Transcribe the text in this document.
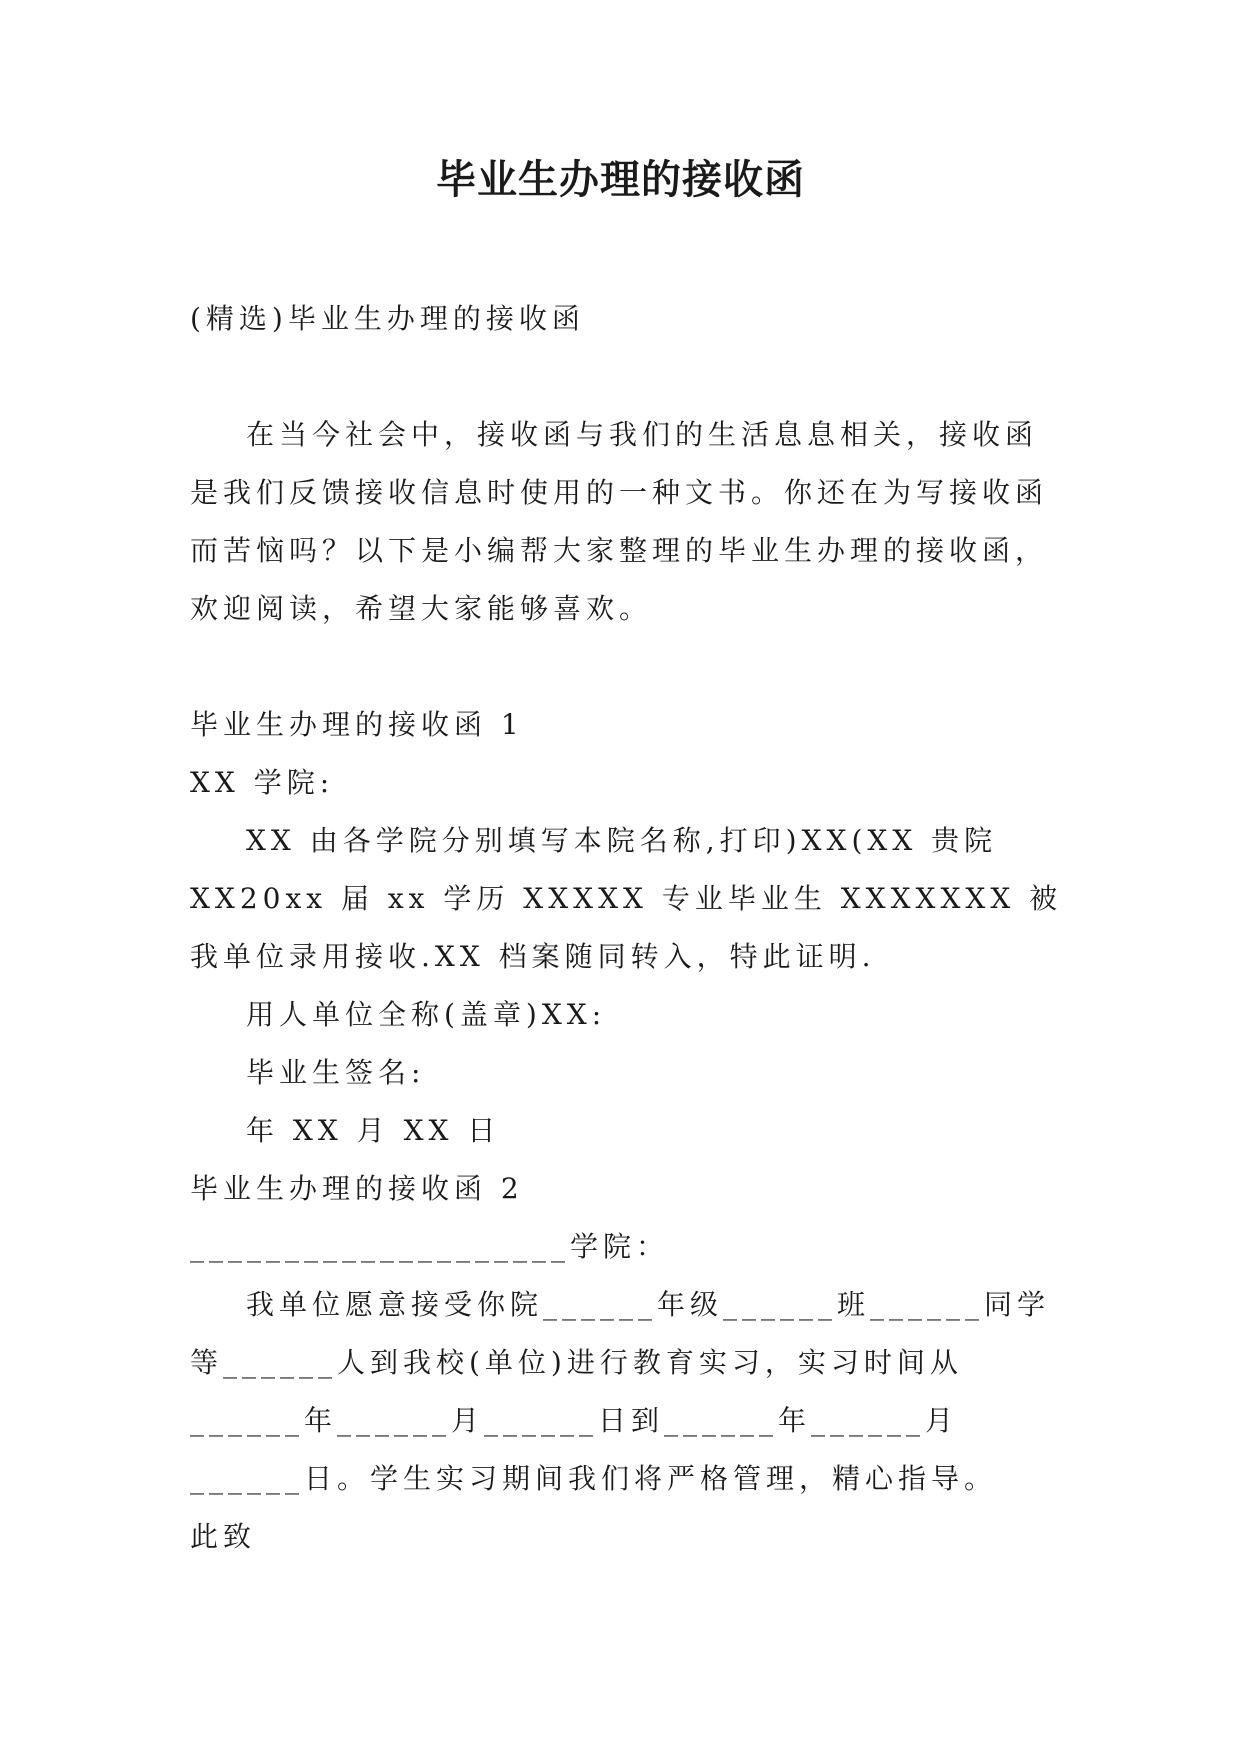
毕业生办理的接收函

(精选)毕业生办理的接收函

在当今社会中，接收函与我们的生活息息相关，接收函是我们反馈接收信息时使用的一种文书。你还在为写接收函而苦恼吗？以下是小编帮大家整理的毕业生办理的接收函，欢迎阅读，希望大家能够喜欢。

毕业生办理的接收函 1

XX 学院:

XX 由各学院分别填写本院名称,打印)XX(XX 贵院 XX20xx 届 xx 学历 XXXXX 专业毕业生 XXXXXXX 被我单位录用接收.XX 档案随同转入，特此证明.

用人单位全称(盖章)XX:

毕业生签名:

年 XX 月 XX 日

毕业生办理的接收函 2

____________________学院：

我单位愿意接受你院______年级______班______同学等______人到我校(单位)进行教育实习，实习时间从______年______月______日到______年______月______日。学生实习期间我们将严格管理，精心指导。

此致
